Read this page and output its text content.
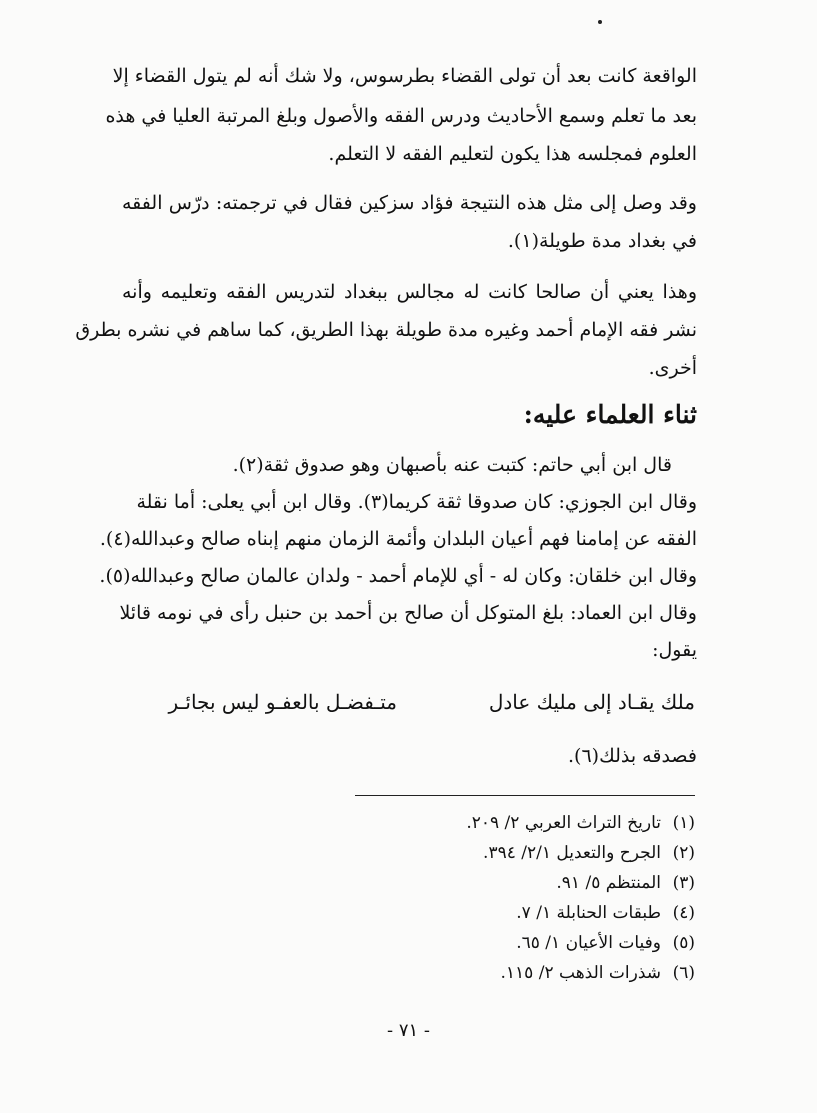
الواقعة كانت بعد أن تولى القضاء بطرسوس، ولا شك أنه لم يتول القضاء إلا
بعد ما تعلم وسمع الأحاديث ودرس الفقه والأصول وبلغ المرتبة العليا في هذه
العلوم فمجلسه هذا يكون لتعليم الفقه لا التعلم.
وقد وصل إلى مثل هذه النتيجة فؤاد سزكين فقال في ترجمته: درّس الفقه
في بغداد مدة طويلة(١).
وهذا يعني أن صالحا كانت له مجالس ببغداد لتدريس الفقه وتعليمه وأنه
نشر فقه الإمام أحمد وغيره مدة طويلة بهذا الطريق، كما ساهم في نشره بطرق
أخرى.
ثناء العلماء عليه:
قال ابن أبي حاتم: كتبت عنه بأصبهان وهو صدوق ثقة(٢).
وقال ابن الجوزي: كان صدوقا ثقة كريما(٣). وقال ابن أبي يعلى: أما نقلة
الفقه عن إمامنا فهم أعيان البلدان وأئمة الزمان منهم إبناه صالح وعبدالله(٤).
وقال ابن خلقان: وكان له - أي للإمام أحمد - ولدان عالمان صالح وعبدالله(٥).
وقال ابن العماد: بلغ المتوكل أن صالح بن أحمد بن حنبل رأى في نومه قائلا
يقول:
ملك يقـاد إلى مليك عادل
متـفضـل بالعفـو ليس بجائـر
فصدقه بذلك(٦).
(١)تاريخ التراث العربي ٢/ ٢٠٩.
(٢)الجرح والتعديل ٢/١/ ٣٩٤.
(٣)المنتظم ٥/ ٩١.
(٤)طبقات الحنابلة ١/ ٧.
(٥)وفيات الأعيان ١/ ٦٥.
(٦)شذرات الذهب ٢/ ١١٥.
- ٧١ -
